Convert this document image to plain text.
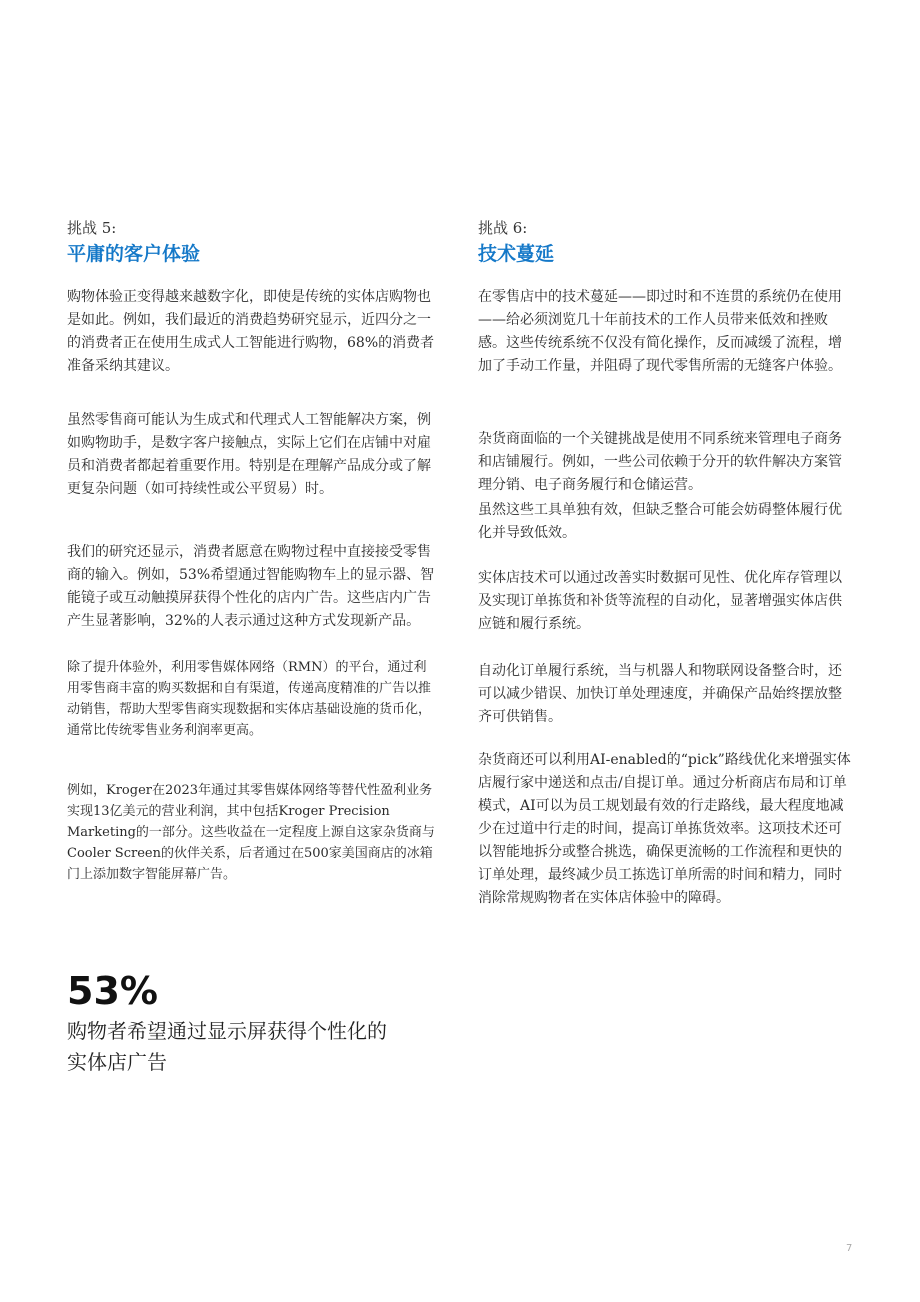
挑战 5:

平庸的客户体验

购物体验正变得越来越数字化，即使是传统的实体店购物也是如此。例如，我们最近的消费趋势研究显示，近四分之一的消费者正在使用生成式人工智能进行购物，68%的消费者准备采纳其建议。

虽然零售商可能认为生成式和代理式人工智能解决方案，例如购物助手，是数字客户接触点，实际上它们在店铺中对雇员和消费者都起着重要作用。特别是在理解产品成分或了解更复杂问题（如可持续性或公平贸易）时。

我们的研究还显示，消费者愿意在购物过程中直接接受零售商的输入。例如，53%希望通过智能购物车上的显示器、智能镜子或互动触摸屏获得个性化的店内广告。这些店内广告产生显著影响，32%的人表示通过这种方式发现新产品。

除了提升体验外，利用零售媒体网络（RMN）的平台，通过利用零售商丰富的购买数据和自有渠道，传递高度精准的广告以推动销售，帮助大型零售商实现数据和实体店基础设施的货币化，通常比传统零售业务利润率更高。

例如，Kroger在2023年通过其零售媒体网络等替代性盈利业务实现13亿美元的营业利润，其中包括Kroger Precision Marketing的一部分。这些收益在一定程度上源自这家杂货商与Cooler Screen的伙伴关系，后者通过在500家美国商店的冰箱门上添加数字智能屏幕广告。

挑战 6:

技术蔓延

在零售店中的技术蔓延——即过时和不连贯的系统仍在使用——给必须浏览几十年前技术的工作人员带来低效和挫败感。这些传统系统不仅没有简化操作，反而减缓了流程，增加了手动工作量，并阻碍了现代零售所需的无缝客户体验。

杂货商面临的一个关键挑战是使用不同系统来管理电子商务和店铺履行。例如，一些公司依赖于分开的软件解决方案管理分销、电子商务履行和仓储运营。

虽然这些工具单独有效，但缺乏整合可能会妨碍整体履行优化并导致低效。

实体店技术可以通过改善实时数据可见性、优化库存管理以及实现订单拣货和补货等流程的自动化，显著增强实体店供应链和履行系统。

自动化订单履行系统，当与机器人和物联网设备整合时，还可以减少错误、加快订单处理速度，并确保产品始终摆放整齐可供销售。

杂货商还可以利用AI-enabled的“pick”路线优化来增强实体店履行家中递送和点击/自提订单。通过分析商店布局和订单模式，AI可以为员工规划最有效的行走路线，最大程度地减少在过道中行走的时间，提高订单拣货效率。这项技术还可以智能地拆分或整合挑选，确保更流畅的工作流程和更快的订单处理，最终减少员工拣选订单所需的时间和精力，同时消除常规购物者在实体店体验中的障碍。

53%
购物者希望通过显示屏获得个性化的实体店广告
7
